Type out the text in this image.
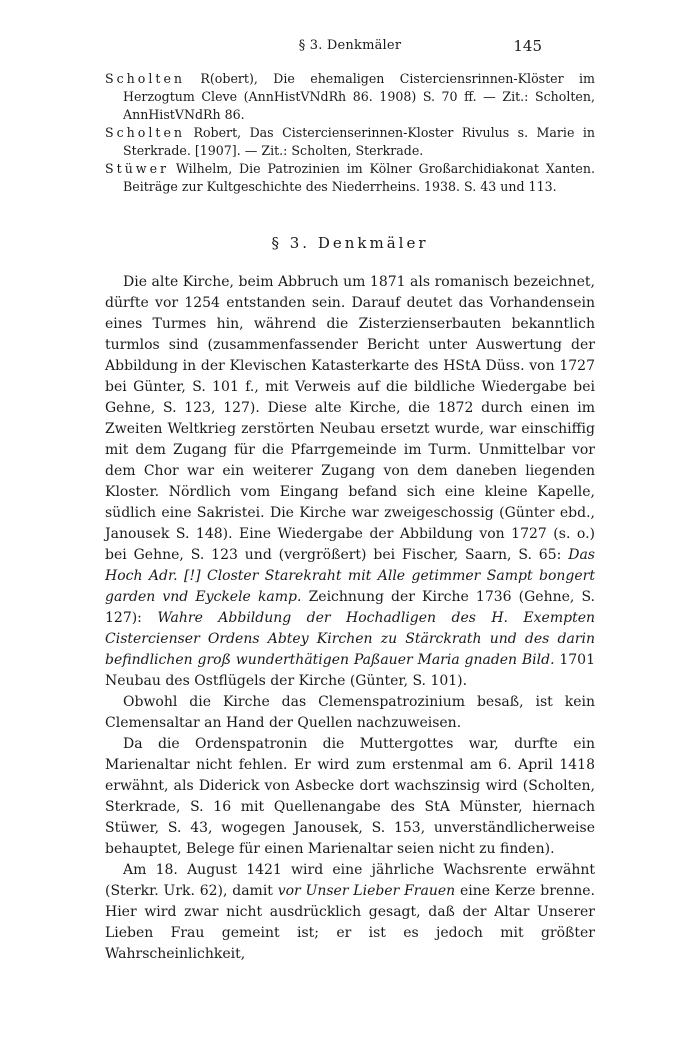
§ 3. Denkmäler	145

Scholten R(obert), Die ehemaligen Cisterciensrinnen-Klöster im Herzogtum Cleve (AnnHistVNdRh 86. 1908) S. 70 ff. — Zit.: Scholten, AnnHistVNdRh 86.

Scholten Robert, Das Cistercienserinnen-Kloster Rivulus s. Marie in Sterkrade. [1907]. — Zit.: Scholten, Sterkrade.

Stüwer Wilhelm, Die Patrozinien im Kölner Großarchidiakonat Xanten. Beiträge zur Kultgeschichte des Niederrheins. 1938. S. 43 und 113.

§ 3. Denkmäler

Die alte Kirche, beim Abbruch um 1871 als romanisch bezeichnet, dürfte vor 1254 entstanden sein. Darauf deutet das Vorhandensein eines Turmes hin, während die Zisterzienserbauten bekanntlich turmlos sind (zusammenfassender Bericht unter Auswertung der Abbildung in der Klevischen Katasterkarte des HStA Düss. von 1727 bei Günter, S. 101 f., mit Verweis auf die bildliche Wiedergabe bei Gehne, S. 123, 127). Diese alte Kirche, die 1872 durch einen im Zweiten Weltkrieg zerstörten Neubau ersetzt wurde, war einschiffig mit dem Zugang für die Pfarrgemeinde im Turm. Unmittelbar vor dem Chor war ein weiterer Zugang von dem daneben liegenden Kloster. Nördlich vom Eingang befand sich eine kleine Kapelle, südlich eine Sakristei. Die Kirche war zweigeschossig (Günter ebd., Janousek S. 148). Eine Wiedergabe der Abbildung von 1727 (s. o.) bei Gehne, S. 123 und (vergrößert) bei Fischer, Saarn, S. 65: Das Hoch Adr. [!] Closter Starekraht mit Alle getimmer Sampt bongert garden vnd Eyckele kamp. Zeichnung der Kirche 1736 (Gehne, S. 127): Wahre Abbildung der Hochadligen des H. Exempten Cistercienser Ordens Abtey Kirchen zu Stärckrath und des darin befindlichen groß wunderthätigen Paßauer Maria gnaden Bild. 1701 Neubau des Ostflügels der Kirche (Günter, S. 101).

Obwohl die Kirche das Clemenspatrozinium besaß, ist kein Clemensaltar an Hand der Quellen nachzuweisen.

Da die Ordenspatronin die Muttergottes war, durfte ein Marienaltar nicht fehlen. Er wird zum erstenmal am 6. April 1418 erwähnt, als Diderick von Asbecke dort wachszinsig wird (Scholten, Sterkrade, S. 16 mit Quellenangabe des StA Münster, hiernach Stüwer, S. 43, wogegen Janousek, S. 153, unverständlicherweise behauptet, Belege für einen Marienaltar seien nicht zu finden).

Am 18. August 1421 wird eine jährliche Wachsrente erwähnt (Sterkr. Urk. 62), damit vor Unser Lieber Frauen eine Kerze brenne. Hier wird zwar nicht ausdrücklich gesagt, daß der Altar Unserer Lieben Frau gemeint ist; er ist es jedoch mit größter Wahrscheinlichkeit,
